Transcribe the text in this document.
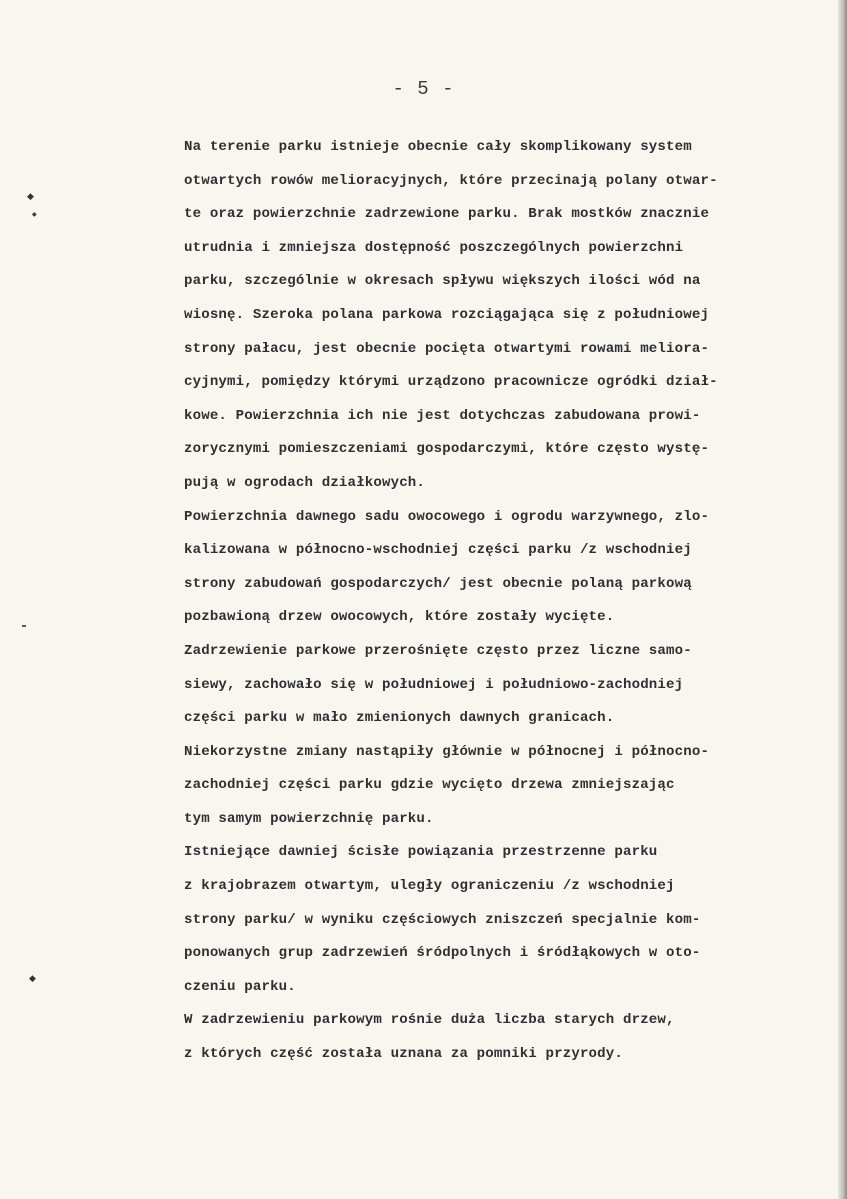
◆
◆
◆
- 5 -
Na terenie parku istnieje obecnie cały skomplikowany system
otwartych rowów melioracyjnych, które przecinają polany otwar-
te oraz powierzchnie zadrzewione parku. Brak mostków znacznie
utrudnia i zmniejsza dostępność poszczególnych powierzchni
parku, szczególnie w okresach spływu większych ilości wód na
wiosnę. Szeroka polana parkowa rozciągająca się z południowej
strony pałacu, jest obecnie pocięta otwartymi rowami meliora-
cyjnymi, pomiędzy którymi urządzono pracownicze ogródki dział-
kowe. Powierzchnia ich nie jest dotychczas zabudowana prowi-
zorycznymi pomieszczeniami gospodarczymi, które często wystę-
pują w ogrodach działkowych.
Powierzchnia dawnego sadu owocowego i ogrodu warzywnego, zlo-
kalizowana w północno-wschodniej części parku /z wschodniej
strony zabudowań gospodarczych/ jest obecnie polaną parkową
pozbawioną drzew owocowych, które zostały wycięte.
Zadrzewienie parkowe przerośnięte często przez liczne samo-
siewy, zachowało się w południowej i południowo-zachodniej
części parku w mało zmienionych dawnych granicach.
Niekorzystne zmiany nastąpiły głównie w północnej i północno-
zachodniej części parku gdzie wycięto drzewa zmniejszając
tym samym powierzchnię parku.
Istniejące dawniej ścisłe powiązania przestrzenne parku
z krajobrazem otwartym, uległy ograniczeniu /z wschodniej
strony parku/ w wyniku częściowych zniszczeń specjalnie kom-
ponowanych grup zadrzewień śródpolnych i śródłąkowych w oto-
czeniu parku.
W zadrzewieniu parkowym rośnie duża liczba starych drzew,
z których część została uznana za pomniki przyrody.
